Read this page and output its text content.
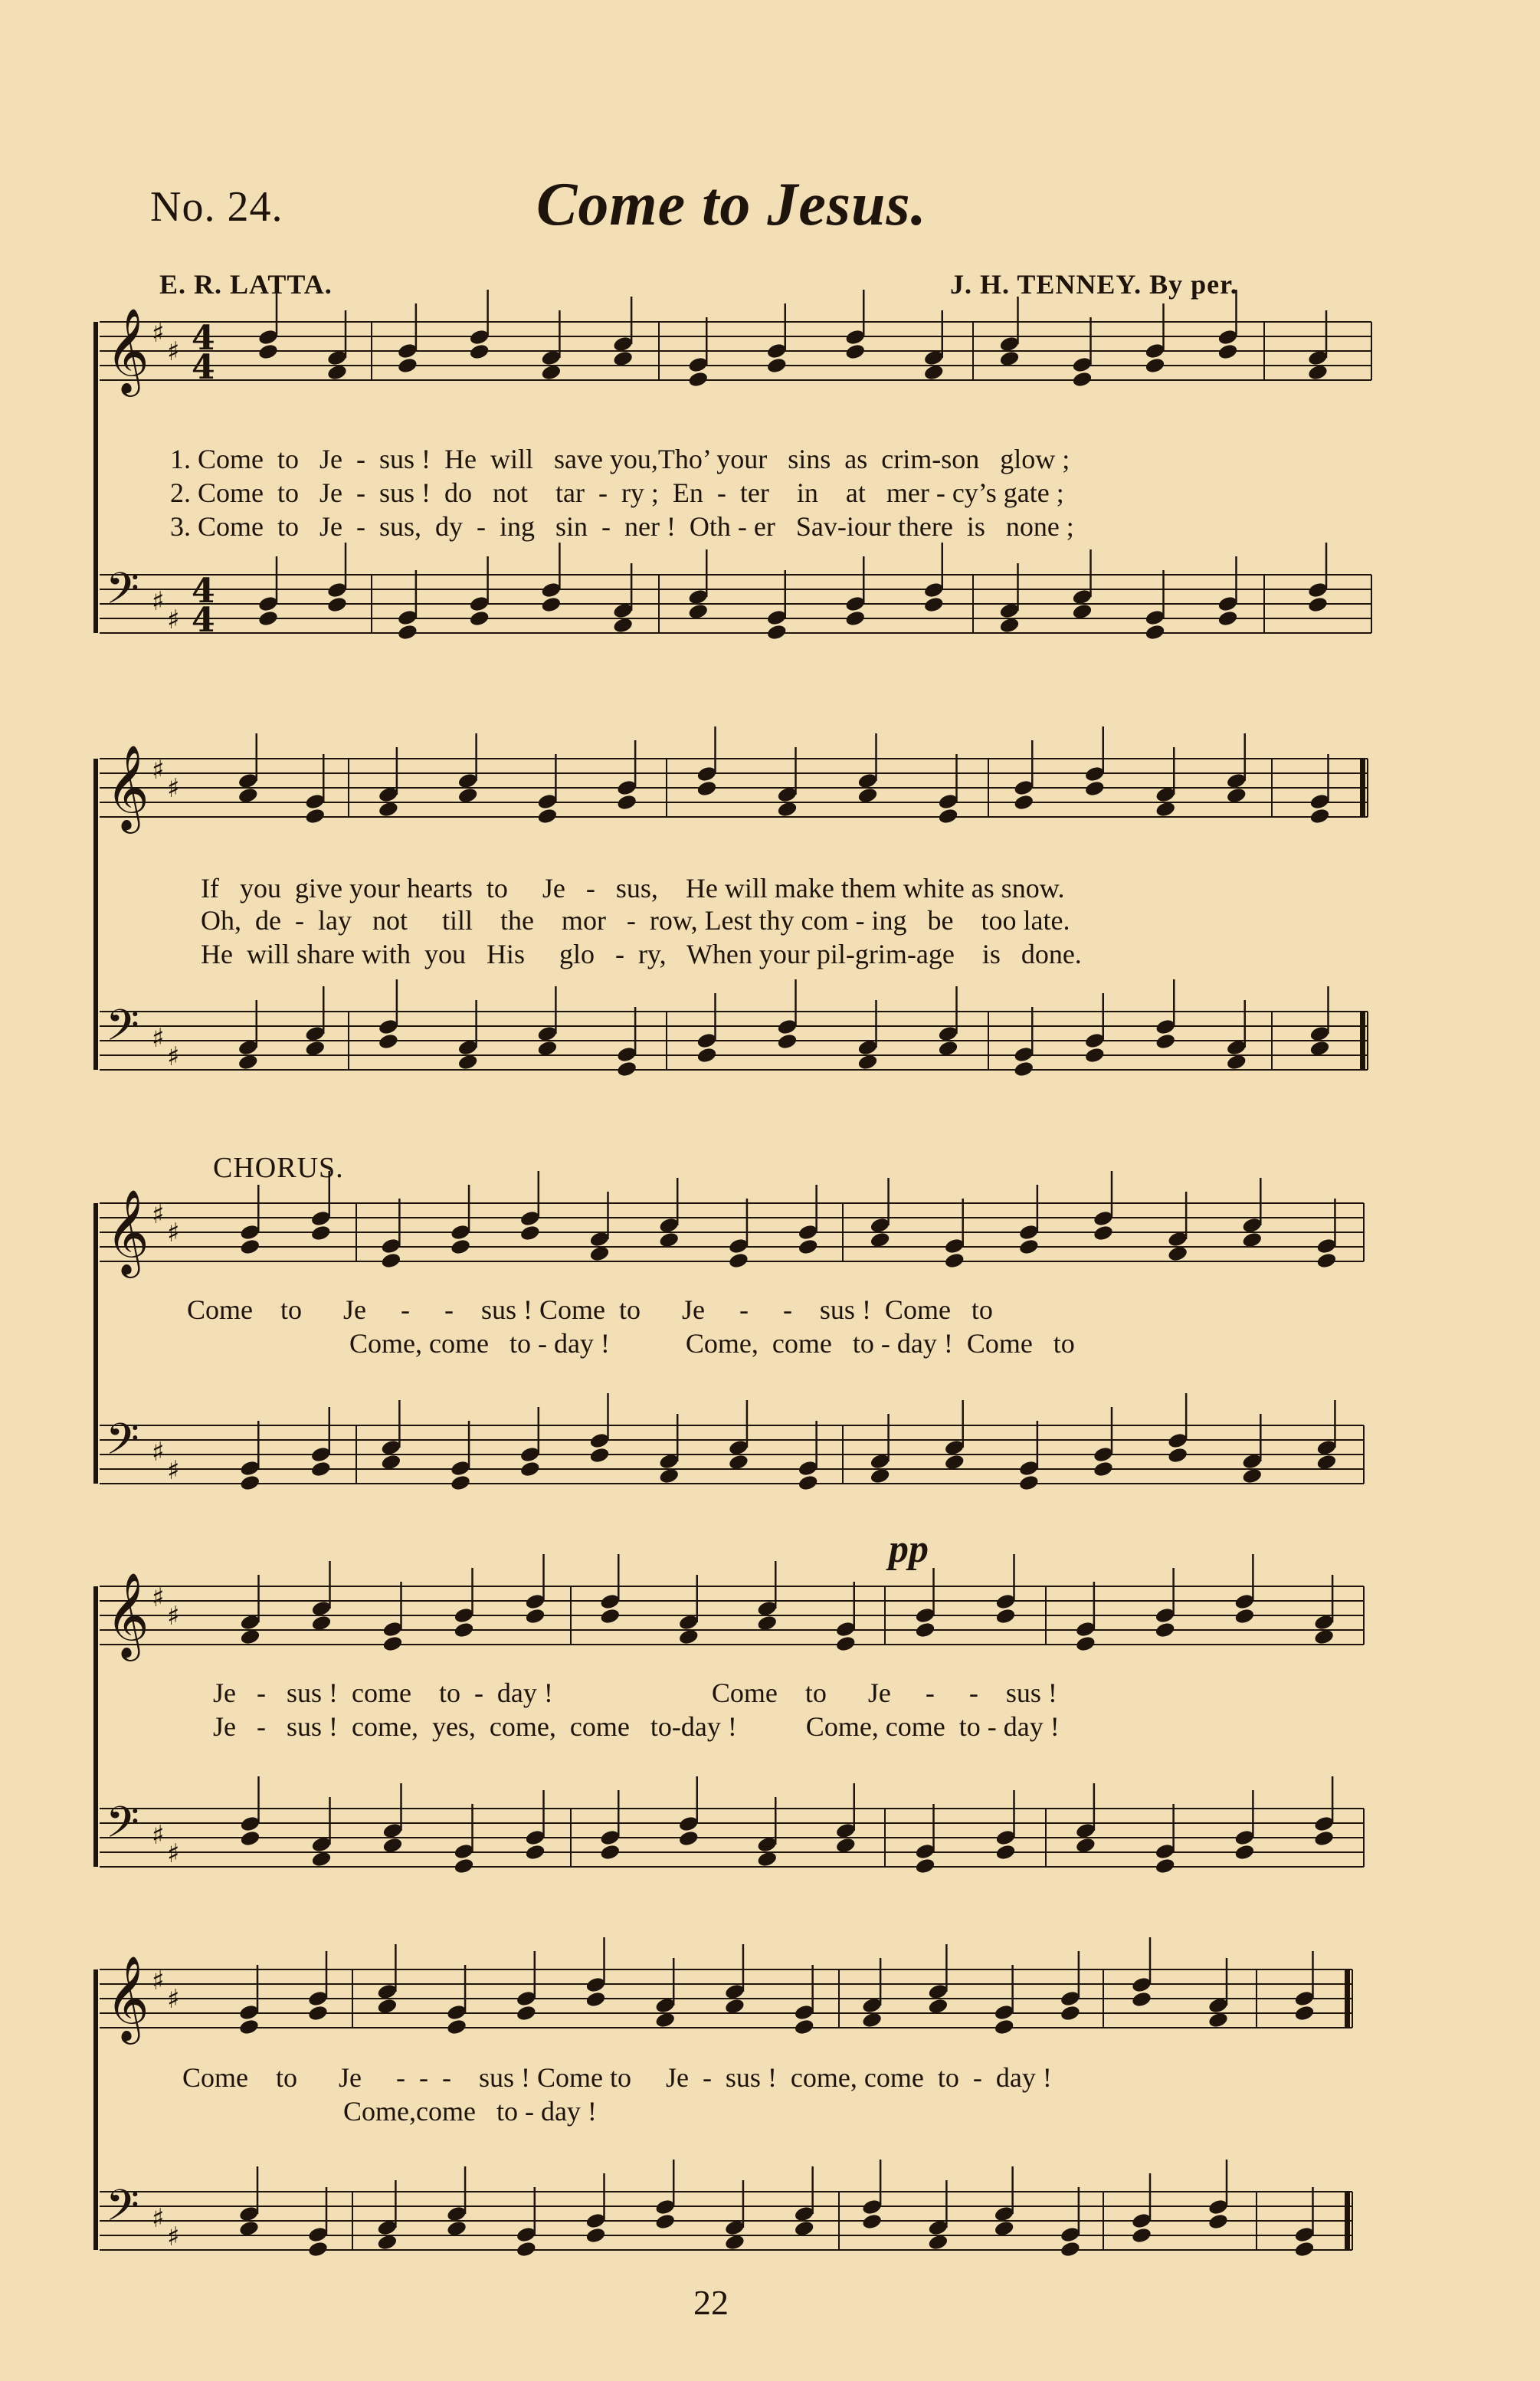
No. 24.	Come to Jesus.
E. R. LATTA.	J. H. TENNEY. By per.
𝄞 ♯
♯ 4
4
𝄢 ♯
♯
4
4
1. Come  to   Je  -  sus !  He  will   save you,Tho’ your   sins  as  crim-son   glow ;
2. Come  to   Je  -  sus !  do   not    tar  -  ry ;  En  -  ter    in    at   mer - cy’s gate ;
3. Come  to   Je  -  sus,  dy  -  ing   sin  -  ner !  Oth - er   Sav-iour there  is   none ;
𝄞 ♯
♯
𝄢 ♯
♯
If   you  give your hearts  to     Je   -   sus,    He will make them white as snow.
Oh,  de  -  lay   not     till    the    mor   -  row, Lest thy com - ing   be    too late.
He  will share with  you   His     glo   -  ry,   When your pil-grim-age    is   done.
CHORUS.
𝄞 ♯
♯
𝄢 ♯
♯
Come    to      Je     -     -    sus ! Come  to      Je     -     -    sus !  Come   to
Come, come   to - day !           Come,  come   to - day !  Come   to
pp
𝄞 ♯
♯
𝄢 ♯
♯
Je   -   sus !  come    to  -  day !                       Come    to      Je     -     -    sus !
Je   -   sus !  come,  yes,  come,  come   to-day !          Come, come  to - day !
𝄞 ♯
♯
𝄢 ♯
♯
Come    to      Je     -  -  -    sus ! Come to     Je  -  sus !  come, come  to  -  day !
Come,come   to - day !
22
